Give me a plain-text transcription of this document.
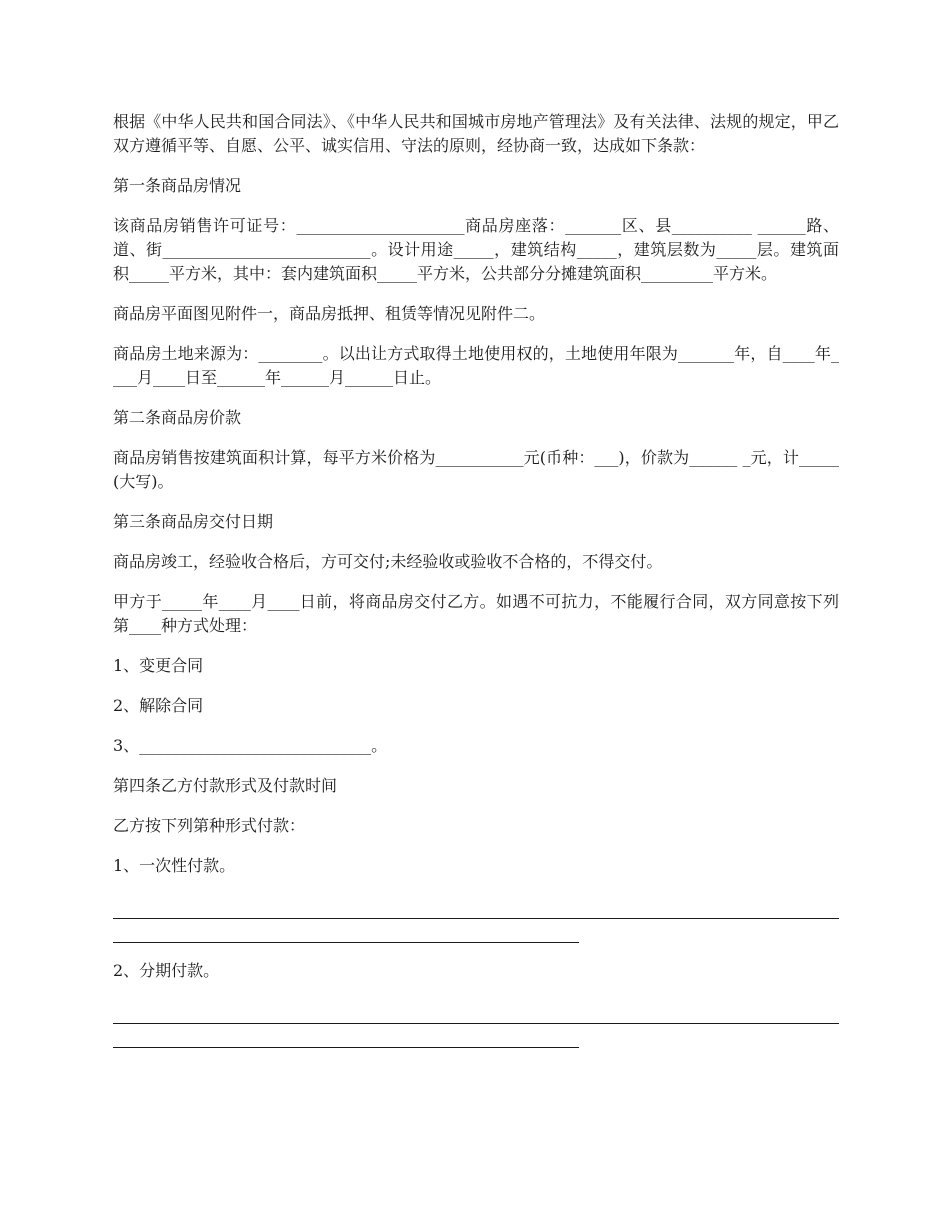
根据《中华人民共和国合同法》、《中华人民共和国城市房地产管理法》及有关法律、法规的规定，甲乙双方遵循平等、自愿、公平、诚实信用、守法的原则，经协商一致，达成如下条款：

第一条商品房情况

该商品房销售许可证号：_____________________商品房座落：_______区、县__________ ______路、道、街__________________________。设计用途_____，建筑结构_____，建筑层数为_____层。建筑面积_____平方米，其中：套内建筑面积_____平方米，公共部分分摊建筑面积_________平方米。

商品房平面图见附件一，商品房抵押、租赁等情况见附件二。

商品房土地来源为：________。以出让方式取得土地使用权的，土地使用年限为_______年，自____年____月____日至______年______月______日止。

第二条商品房价款

商品房销售按建筑面积计算，每平方米价格为___________元(币种：___)，价款为______ _元，计_____(大写)。

第三条商品房交付日期

商品房竣工，经验收合格后，方可交付;未经验收或验收不合格的，不得交付。

甲方于_____年____月____日前，将商品房交付乙方。如遇不可抗力，不能履行合同，双方同意按下列第____种方式处理：

1、变更合同

2、解除合同

3、_____________________________。

第四条乙方付款形式及付款时间

乙方按下列第种形式付款：

1、一次性付款。

2、分期付款。
